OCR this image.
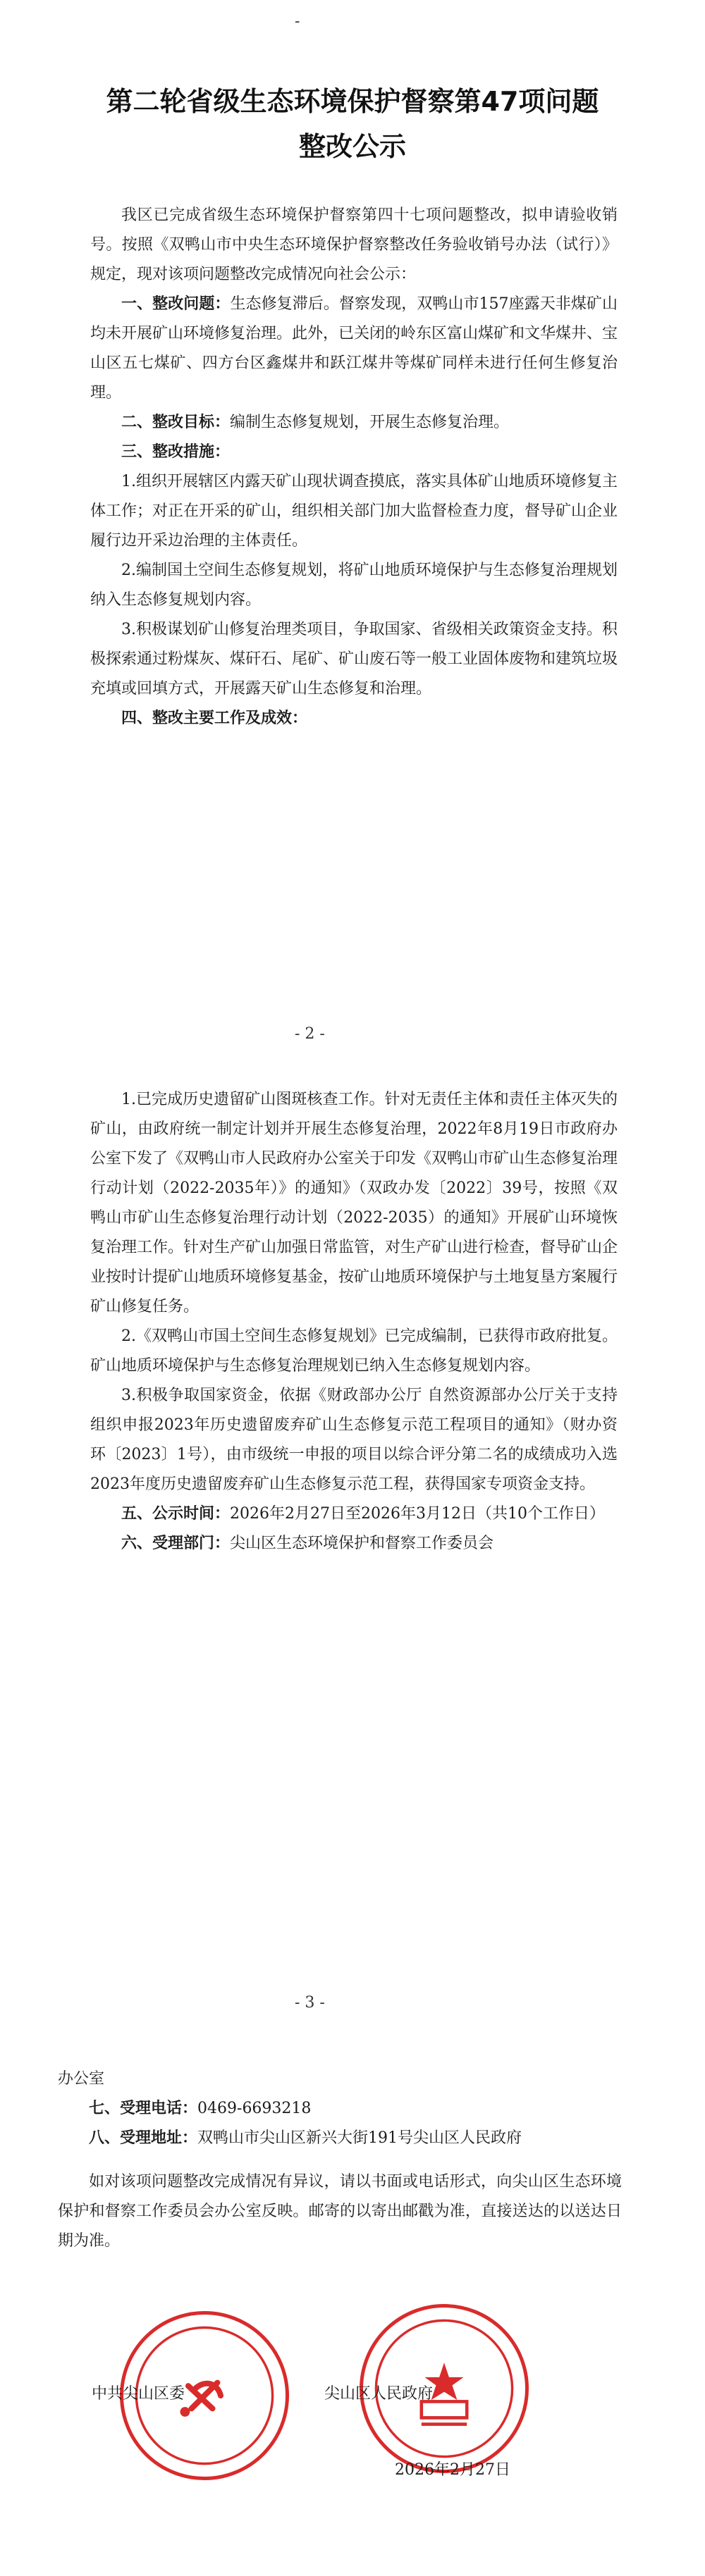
-
第二轮省级生态环境保护督察第47项问题
整改公示

我区已完成省级生态环境保护督察第四十七项问题整改，拟申请验收销号。按照《双鸭山市中央生态环境保护督察整改任务验收销号办法（试行）》规定，现对该项问题整改完成情况向社会公示：

一、整改问题：生态修复滞后。督察发现，双鸭山市157座露天非煤矿山均未开展矿山环境修复治理。此外，已关闭的岭东区富山煤矿和文华煤井、宝山区五七煤矿、四方台区鑫煤井和跃江煤井等煤矿同样未进行任何生修复治理。

二、整改目标：编制生态修复规划，开展生态修复治理。

三、整改措施：

1.组织开展辖区内露天矿山现状调查摸底，落实具体矿山地质环境修复主体工作；对正在开采的矿山，组织相关部门加大监督检查力度，督导矿山企业履行边开采边治理的主体责任。

2.编制国土空间生态修复规划，将矿山地质环境保护与生态修复治理规划纳入生态修复规划内容。

3.积极谋划矿山修复治理类项目，争取国家、省级相关政策资金支持。积极探索通过粉煤灰、煤矸石、尾矿、矿山废石等一般工业固体废物和建筑垃圾充填或回填方式，开展露天矿山生态修复和治理。

四、整改主要工作及成效：

- 2 -

1.已完成历史遗留矿山图斑核查工作。针对无责任主体和责任主体灭失的矿山，由政府统一制定计划并开展生态修复治理，2022年8月19日市政府办公室下发了《双鸭山市人民政府办公室关于印发《双鸭山市矿山生态修复治理行动计划（2022-2035年）》的通知》（双政办发〔2022〕39号，按照《双鸭山市矿山生态修复治理行动计划（2022-2035）的通知》开展矿山环境恢复治理工作。针对生产矿山加强日常监管，对生产矿山进行检查，督导矿山企业按时计提矿山地质环境修复基金，按矿山地质环境保护与土地复垦方案履行矿山修复任务。

2.《双鸭山市国土空间生态修复规划》已完成编制，已获得市政府批复。矿山地质环境保护与生态修复治理规划已纳入生态修复规划内容。

3.积极争取国家资金，依据《财政部办公厅 自然资源部办公厅关于支持组织申报2023年历史遗留废弃矿山生态修复示范工程项目的通知》（财办资环〔2023〕1号），由市级统一申报的项目以综合评分第二名的成绩成功入选2023年度历史遗留废弃矿山生态修复示范工程，获得国家专项资金支持。

五、公示时间：2026年2月27日至2026年3月12日（共10个工作日）

六、受理部门：尖山区生态环境保护和督察工作委员会

- 3 -

办公室

七、受理电话：0469-6693218

八、受理地址：双鸭山市尖山区新兴大街191号尖山区人民政府

如对该项问题整改完成情况有异议，请以书面或电话形式，向尖山区生态环境保护和督察工作委员会办公室反映。邮寄的以寄出邮戳为准，直接送达的以送达日期为准。

中共尖山区委	尖山区人民政府
2026年2月27日
